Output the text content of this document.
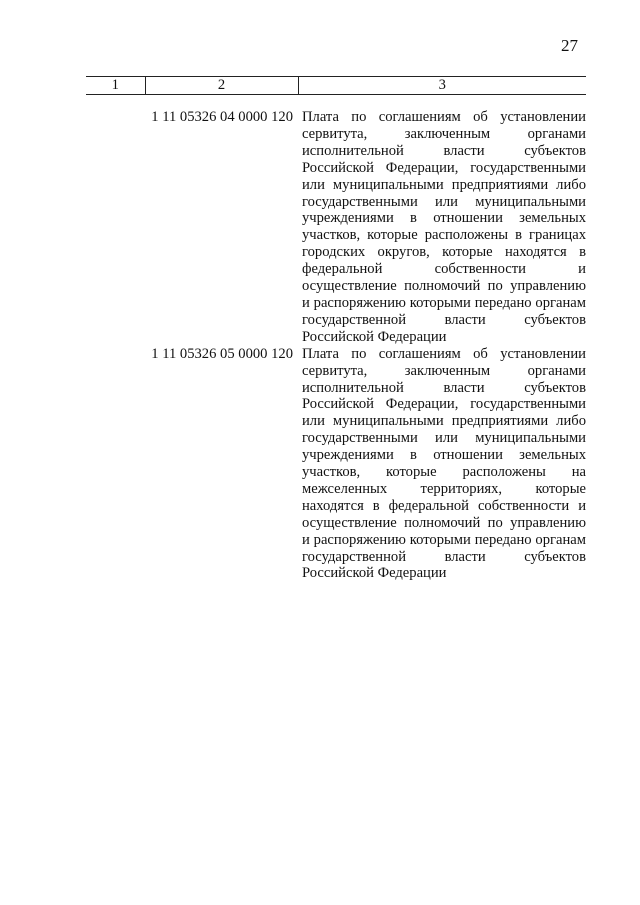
27
1	2	3
	1 11 05326 04 0000 120	Плата по соглашениям об установлении сервитута, заключенным органами исполнительной власти субъектов Российской Федерации, государственными или муниципальными предприятиями либо государственными или муниципальными учреждениями в отношении земельных участков, которые расположены в границах городских округов, которые находятся в федеральной собственности и осуществление полномочий по управлению и распоряжению которыми передано органам государственной власти субъектов Российской Федерации
	1 11 05326 05 0000 120	Плата по соглашениям об установлении сервитута, заключенным органами исполнительной власти субъектов Российской Федерации, государственными или муниципальными предприятиями либо государственными или муниципальными учреждениями в отношении земельных участков, которые расположены на межселенных территориях, которые находятся в федеральной собственности и осуществление полномочий по управлению и распоряжению которыми передано органам государственной власти субъектов Российской Федерации
